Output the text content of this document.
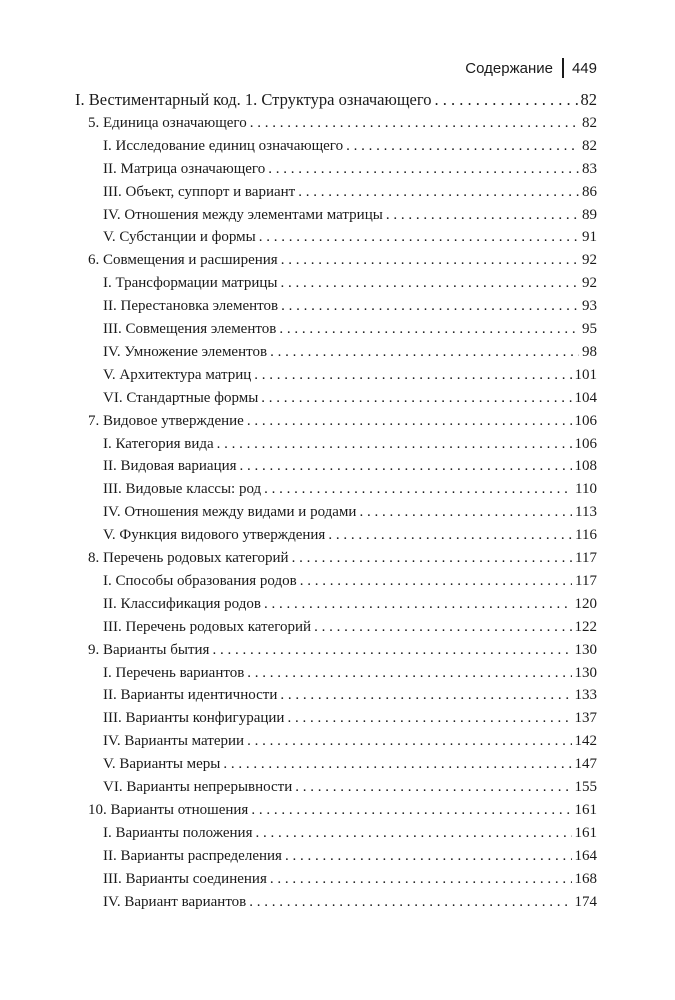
Содержание 449
I. Вестиментарный код. 1. Структура означающего . . .	82
5. Единица означающего . . .	82
I. Исследование единиц означающего . . .	82
II. Матрица означающего . . .	83
III. Объект, суппорт и вариант . . .	86
IV. Отношения между элементами матрицы . . .	89
V. Субстанции и формы . . .	91
6. Совмещения и расширения . . .	92
I. Трансформации матрицы . . .	92
II. Перестановка элементов . . .	93
III. Совмещения элементов . . .	95
IV. Умножение элементов . . .	98
V. Архитектура матриц . . .	101
VI. Стандартные формы . . .	104
7. Видовое утверждение . . .	106
I. Категория вида . . .	106
II. Видовая вариация . . .	108
III. Видовые классы: род . . .	110
IV. Отношения между видами и родами . . .	113
V. Функция видового утверждения . . .	116
8. Перечень родовых категорий . . .	117
I. Способы образования родов . . .	117
II. Классификация родов . . .	120
III. Перечень родовых категорий . . .	122
9. Варианты бытия . . .	130
I. Перечень вариантов . . .	130
II. Варианты идентичности . . .	133
III. Варианты конфигурации . . .	137
IV. Варианты материи . . .	142
V. Варианты меры . . .	147
VI. Варианты непрерывности . . .	155
10. Варианты отношения . . .	161
I. Варианты положения . . .	161
II. Варианты распределения . . .	164
III. Варианты соединения . . .	168
IV. Вариант вариантов . . .	174
